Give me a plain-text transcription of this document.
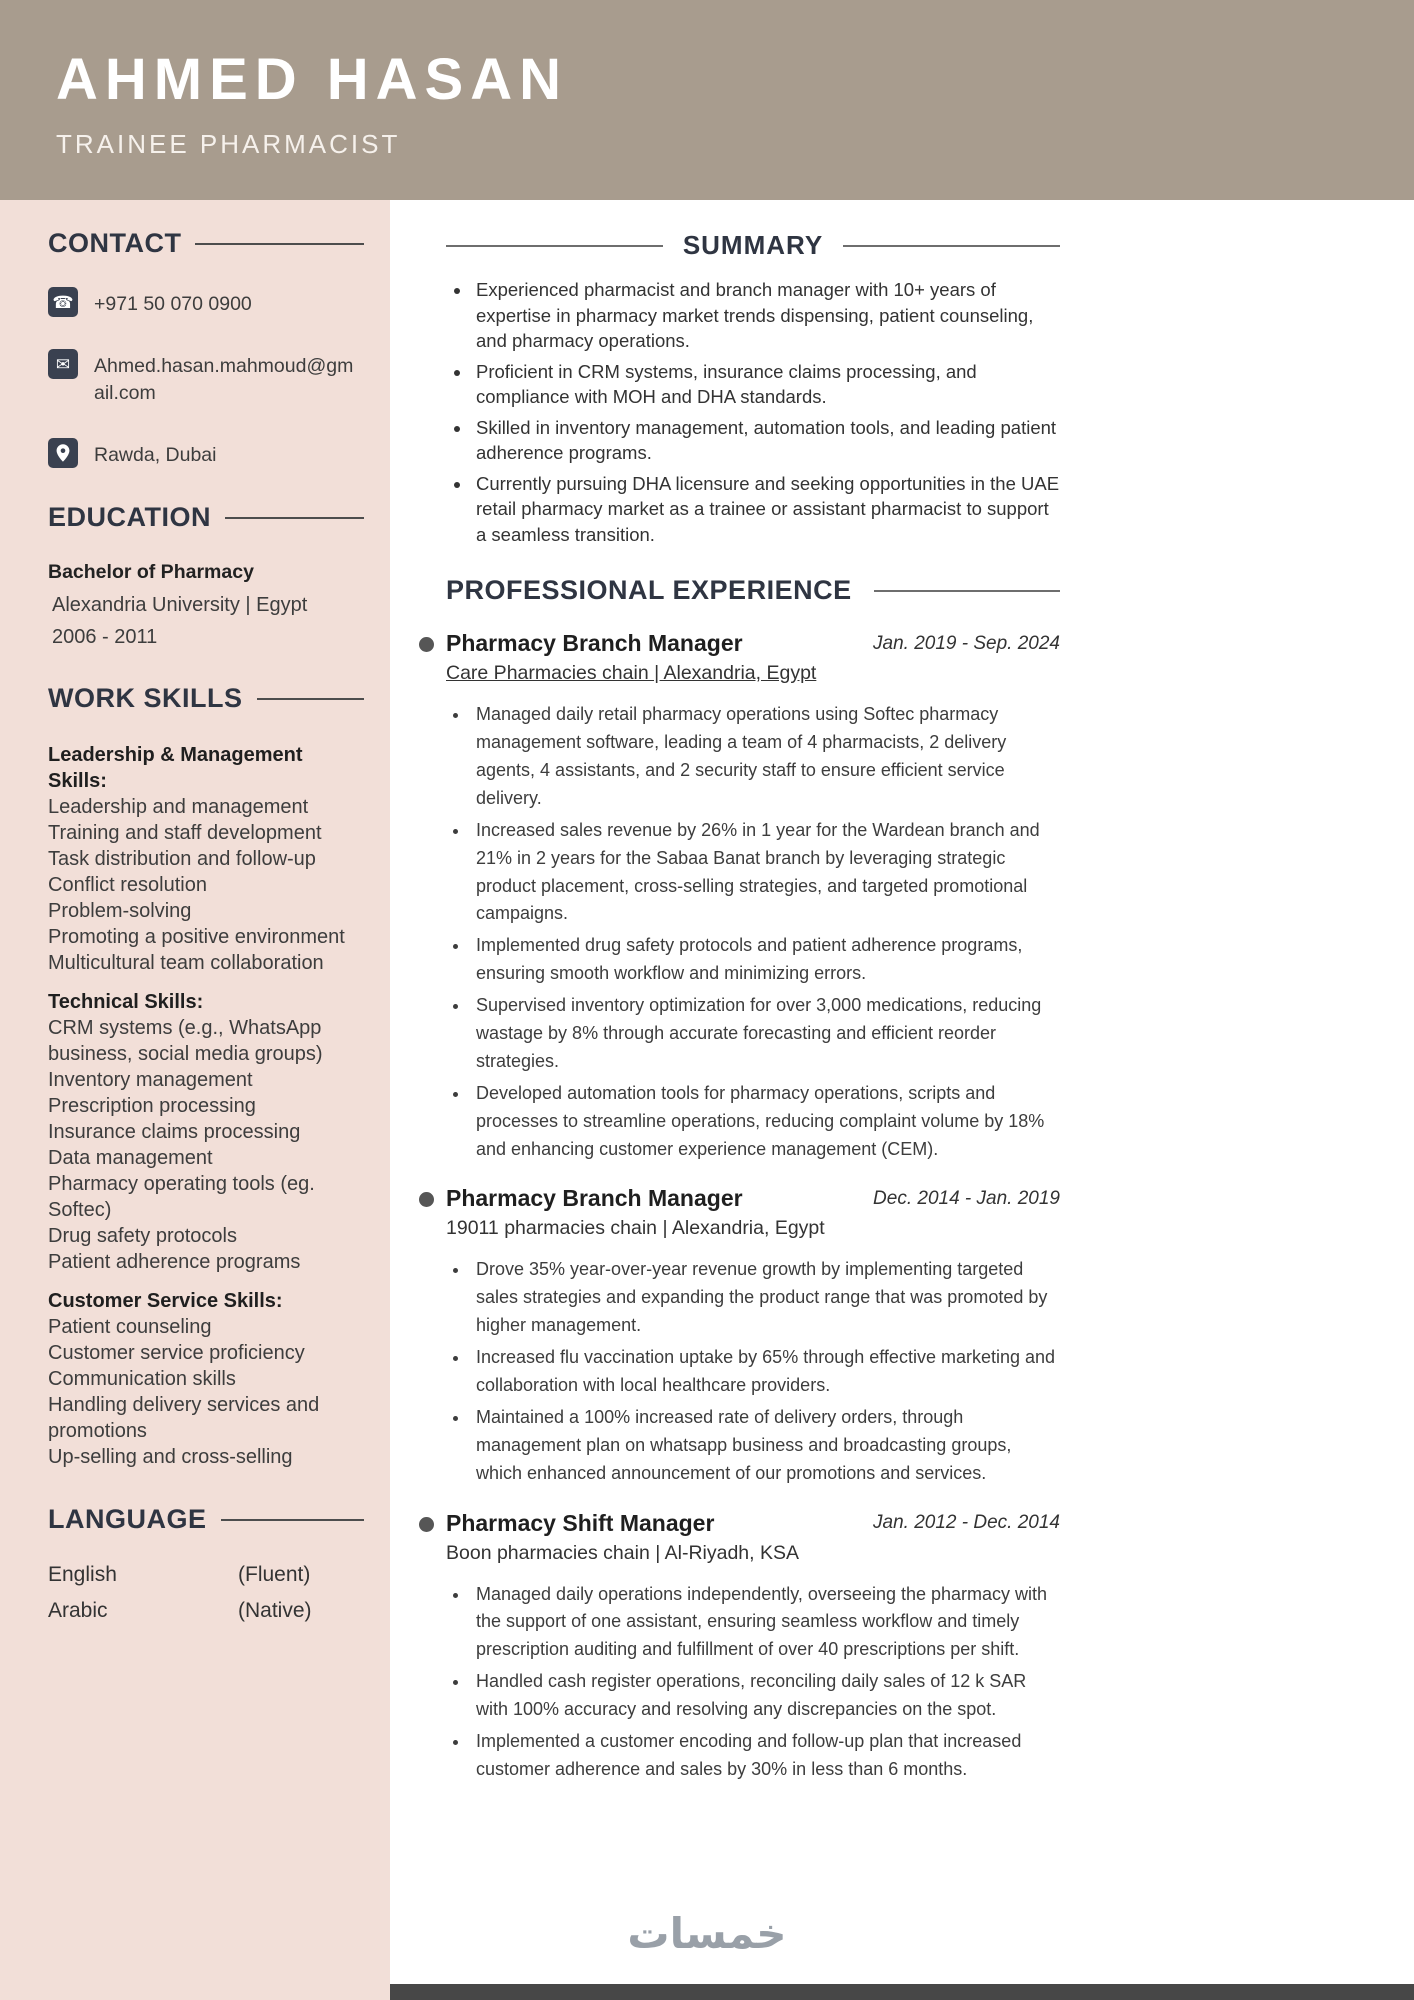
AHMED HASAN
TRAINEE PHARMACIST
CONTACT
☎ +971 50 070 0900
✉	Ahmed.hasan.mahmoud@gmail.com
Rawda, Dubai
EDUCATION
Bachelor of Pharmacy
Alexandria University | Egypt
2006 - 2011
WORK SKILLS
Leadership & Management Skills:
Leadership and management
Training and staff development
Task distribution and follow-up
Conflict resolution
Problem-solving
Promoting a positive environment
Multicultural team collaboration
Technical Skills:
CRM systems (e.g., WhatsApp business, social media groups)
Inventory management
Prescription processing
Insurance claims processing
Data management
Pharmacy operating tools (eg. Softec)
Drug safety protocols
Patient adherence programs
Customer Service Skills:
Patient counseling
Customer service proficiency
Communication skills
Handling delivery services and promotions
Up-selling and cross-selling
LANGUAGE
English	(Fluent)
Arabic	(Native)
SUMMARY
• Experienced pharmacist and branch manager with 10+ years of expertise in pharmacy market trends dispensing, patient counseling, and pharmacy operations.
• Proficient in CRM systems, insurance claims processing, and compliance with MOH and DHA standards.
• Skilled in inventory management, automation tools, and leading patient adherence programs.
• Currently pursuing DHA licensure and seeking opportunities in the UAE retail pharmacy market as a trainee or assistant pharmacist to support a seamless transition.
PROFESSIONAL EXPERIENCE
Pharmacy Branch Manager	Jan. 2019 - Sep. 2024
Care Pharmacies chain | Alexandria, Egypt
• Managed daily retail pharmacy operations using Softec pharmacy management software, leading a team of 4 pharmacists, 2 delivery agents, 4 assistants, and 2 security staff to ensure efficient service delivery.
• Increased sales revenue by 26% in 1 year for the Wardean branch and 21% in 2 years for the Sabaa Banat branch by leveraging strategic product placement, cross-selling strategies, and targeted promotional campaigns.
• Implemented drug safety protocols and patient adherence programs, ensuring smooth workflow and minimizing errors.
• Supervised inventory optimization for over 3,000 medications, reducing wastage by 8% through accurate forecasting and efficient reorder strategies.
• Developed automation tools for pharmacy operations, scripts and processes to streamline operations, reducing complaint volume by 18% and enhancing customer experience management (CEM).
Pharmacy Branch Manager	Dec. 2014 - Jan. 2019
19011 pharmacies chain | Alexandria, Egypt
• Drove 35% year-over-year revenue growth by implementing targeted sales strategies and expanding the product range that was promoted by higher management.
• Increased flu vaccination uptake by 65% through effective marketing and collaboration with local healthcare providers.
• Maintained a 100% increased rate of delivery orders, through management plan on whatsapp business and broadcasting groups, which enhanced announcement of our promotions and services.
Pharmacy Shift Manager	Jan. 2012 - Dec. 2014
Boon pharmacies chain | Al-Riyadh, KSA
• Managed daily operations independently, overseeing the pharmacy with the support of one assistant, ensuring seamless workflow and timely prescription auditing and fulfillment of over 40 prescriptions per shift.
• Handled cash register operations, reconciling daily sales of 12 k SAR with 100% accuracy and resolving any discrepancies on the spot.
• Implemented a customer encoding and follow-up plan that increased customer adherence and sales by 30% in less than 6 months.
خمسات
